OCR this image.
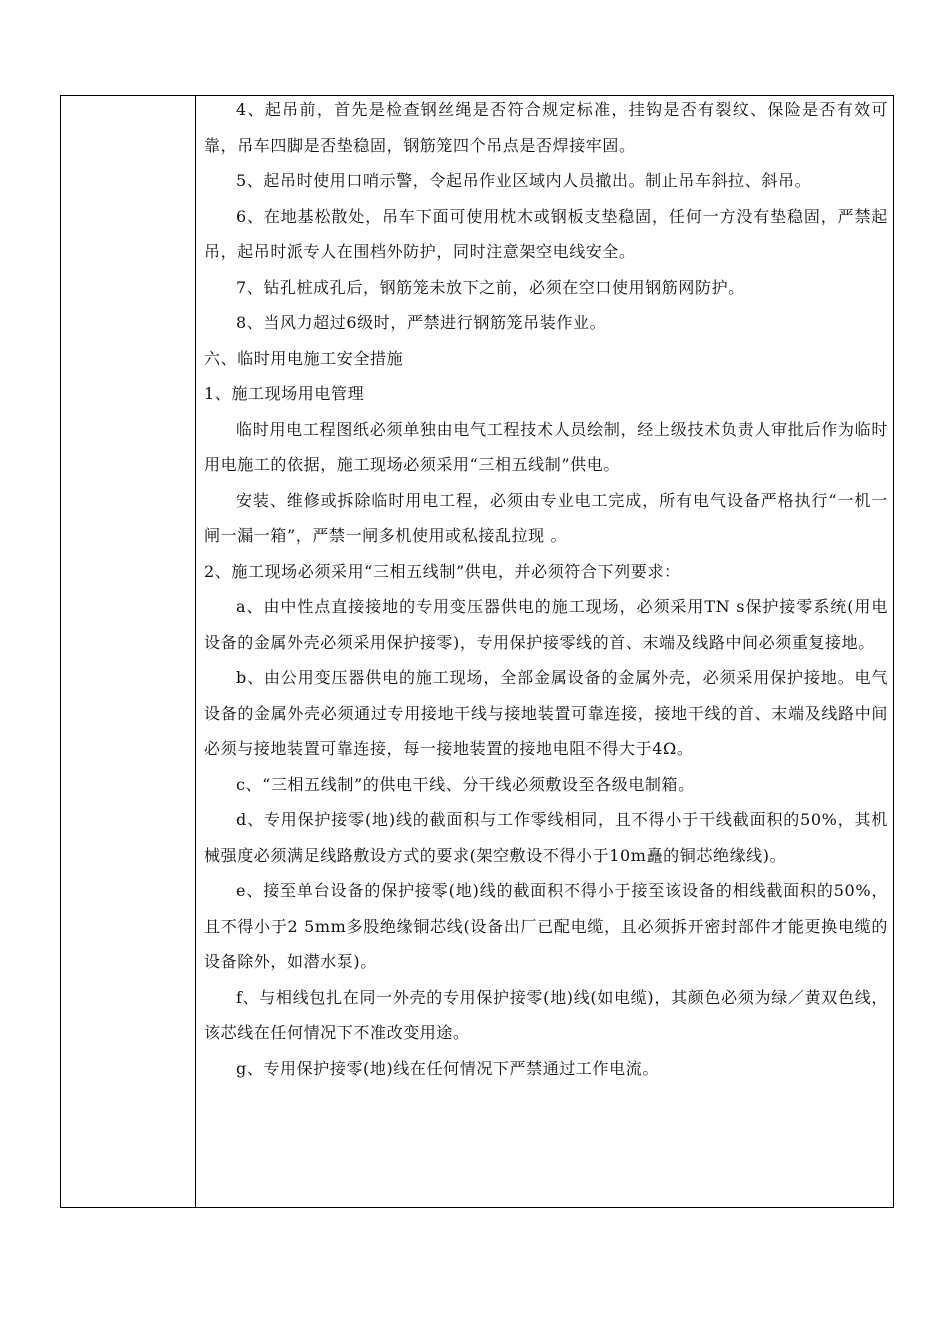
4、起吊前，首先是检查钢丝绳是否符合规定标准，挂钩是否有裂纹、保险是否有效可靠，吊车四脚是否垫稳固，钢筋笼四个吊点是否焊接牢固。

5、起吊时使用口哨示警，令起吊作业区域内人员撤出。制止吊车斜拉、斜吊。

6、在地基松散处，吊车下面可使用枕木或钢板支垫稳固，任何一方没有垫稳固，严禁起吊，起吊时派专人在围档外防护，同时注意架空电线安全。

7、钻孔桩成孔后，钢筋笼未放下之前，必须在空口使用钢筋网防护。

8、当风力超过6级时，严禁进行钢筋笼吊装作业。

六、临时用电施工安全措施

1、施工现场用电管理

临时用电工程图纸必须单独由电气工程技术人员绘制，经上级技术负责人审批后作为临时用电施工的依据，施工现场必须采用“三相五线制”供电。

安装、维修或拆除临时用电工程，必须由专业电工完成，所有电气设备严格执行“一机一闸一漏一箱”，严禁一闸多机使用或私接乱拉现 。

2、施工现场必须采用“三相五线制”供电，并必须符合下列要求：

a、由中性点直接接地的专用变压器供电的施工现场，必须采用TN s保护接零系统(用电设备的金属外壳必须采用保护接零)，专用保护接零线的首、末端及线路中间必须重复接地。

b、由公用变压器供电的施工现场，全部金属设备的金属外壳，必须采用保护接地。电气设备的金属外壳必须通过专用接地干线与接地装置可靠连接，接地干线的首、末端及线路中间必须与接地装置可靠连接，每一接地装置的接地电阻不得大于4Ω。

c、“三相五线制”的供电干线、分干线必须敷设至各级电制箱。

d、专用保护接零(地)线的截面积与工作零线相同，且不得小于干线截面积的50%，其机械强度必须满足线路敷设方式的要求(架空敷设不得小于10m矗的铜芯绝缘线)。

e、接至单台设备的保护接零(地)线的截面积不得小于接至该设备的相线截面积的50%，且不得小于2 5mm多股绝缘铜芯线(设备出厂已配电缆，且必须拆开密封部件才能更换电缆的设备除外，如潜水泵)。

f、与相线包扎在同一外壳的专用保护接零(地)线(如电缆)，其颜色必须为绿／黄双色线，该芯线在任何情况下不准改变用途。

g、专用保护接零(地)线在任何情况下严禁通过工作电流。
